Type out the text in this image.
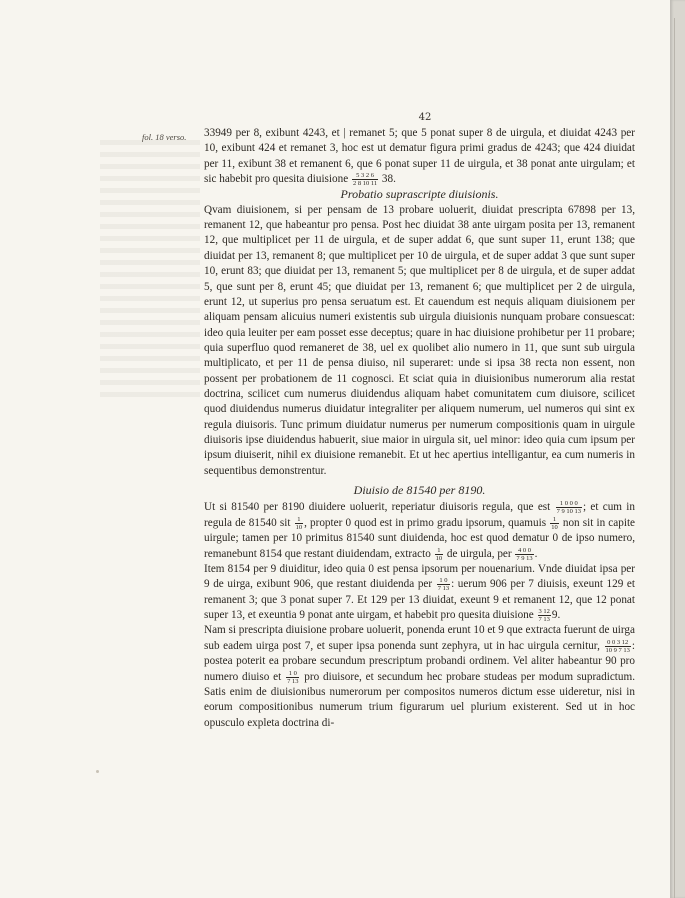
42
fol. 18 verso. 33949 per 8, exibunt 4243, et | remanet 5; que 5 ponat super 8 de uirgula, et diuidat 4243 per 10, exibunt 424 et remanet 3, hoc est ut dematur figura primi gradus de 4243; que 424 diuidat per 11, exibunt 38 et remanent 6, que 6 ponat super 11 de uirgula, et 38 ponat ante uirgulam; et sic habebit pro quesita diuisione $\frac{5 3 2 6}{2 8 10 11} 38$.

Probatio suprascripte diuisionis.

Qvam diuisionem, si per pensam de 13 probare uoluerit, diuidat prescripta 67898 per 13, remanent 12, que habeantur pro pensa. Post hec diuidat 38 ante uirgam posita per 13, remanent 12, que multiplicet per 11 de uirgula, et de super addat 6, que sunt super 11, erunt 138; que diuidat per 13, remanent 8; que multiplicet per 10 de uirgula, et de super addat 3 que sunt super 10, erunt 83; que diuidat per 13, remanent 5; que multiplicet per 8 de uirgula, et de super addat 5, que sunt per 8, erunt 45; que diuidat per 13, remanent 6; que multiplicet per 2 de uirgula, erunt 12, ut superius pro pensa seruatum est. Et cauendum est nequis aliquam diuisionem per aliquam pensam alicuius numeri existentis sub uirgula diuisionis nunquam probare consuescat: ideo quia leuiter per eam posset esse deceptus; quare in hac diuisione prohibetur per 11 probare; quia superfluo quod remaneret de 38, uel ex quolibet alio numero in 11, que sunt sub uirgula multiplicato, et per 11 de pensa diuiso, nil superaret: unde si ipsa 38 recta non essent, non possent per probationem de 11 cognosci. Et sciat quia in diuisionibus numerorum alia restat doctrina, scilicet cum numerus diuidendus aliquam habet comunitatem cum diuisore, scilicet quod diuidendus numerus diuidatur integraliter per aliquem numerum, uel numeros qui sint ex regula diuisoris. Tunc primum diuidatur numerus per numerum compositionis quam in uirgule diuisoris ipse diuidendus habuerit, siue maior in uirgula sit, uel minor: ideo quia cum ipsum per ipsum diuiserit, nihil ex diuisione remanebit. Et ut hec apertius intelligantur, ea cum numeris in sequentibus demonstrentur.

Diuisio de 81540 per 8190.

Ut si 81540 per 8190 diuidere uoluerit, reperiatur diuisoris regula, que est $\frac{1 0 0 0}{7 9 10 13}$ ; et cum in regula de 81540 sit $\frac{1}{10}$ , propter 0 quod est in primo gradu ipsorum, quamuis $\frac{1}{10}$ non sit in capite uirgule; tamen per 10 primitus 81540 sunt diuidenda, hoc est quod dematur 0 de ipso numero, remanebunt 8154 que restant diuidendam, extracto $\frac{1}{10}$ de uirgula, per $\frac{4 0 0}{7 9 13}$ .

Item 8154 per 9 diuiditur, ideo quia 0 est pensa ipsorum per nouenarium. Vnde diuidat ipsa per 9 de uirga, exibunt 906, que restant diuidenda per $\frac{1 0}{7 13}$ : uerum 906 per 7 diuisis, exeunt 129 et remanent 3; que 3 ponat super 7. Et 129 per 13 diuidat, exeunt 9 et remanent 12, que 12 ponat super 13, et exeuntia 9 ponat ante uirgam, et habebit pro quesita diuisione $\frac{3 12}{7 13} 9$.

Nam si prescripta diuisione probare uoluerit, ponenda erunt 10 et 9 que extracta fuerunt de uirga sub eadem uirga post 7, et super ipsa ponenda sunt zephyra, ut in hac uirgula cernitur, $\frac{0 0 3 12}{10 9 7 13}$ : postea poterit ea probare secundum prescriptum probandi ordinem. Vel aliter habeantur 90 pro numero diuiso et $\frac{1 0}{7 13}$ pro diuisore, et secundum hec probare studeas per modum supradictum. Satis enim de diuisionibus numerorum per compositos numeros dictum esse uideretur, nisi in eorum compositionibus numerum trium figurarum uel plurium existerent. Sed ut in hoc opusculo expleta doctrina di-
